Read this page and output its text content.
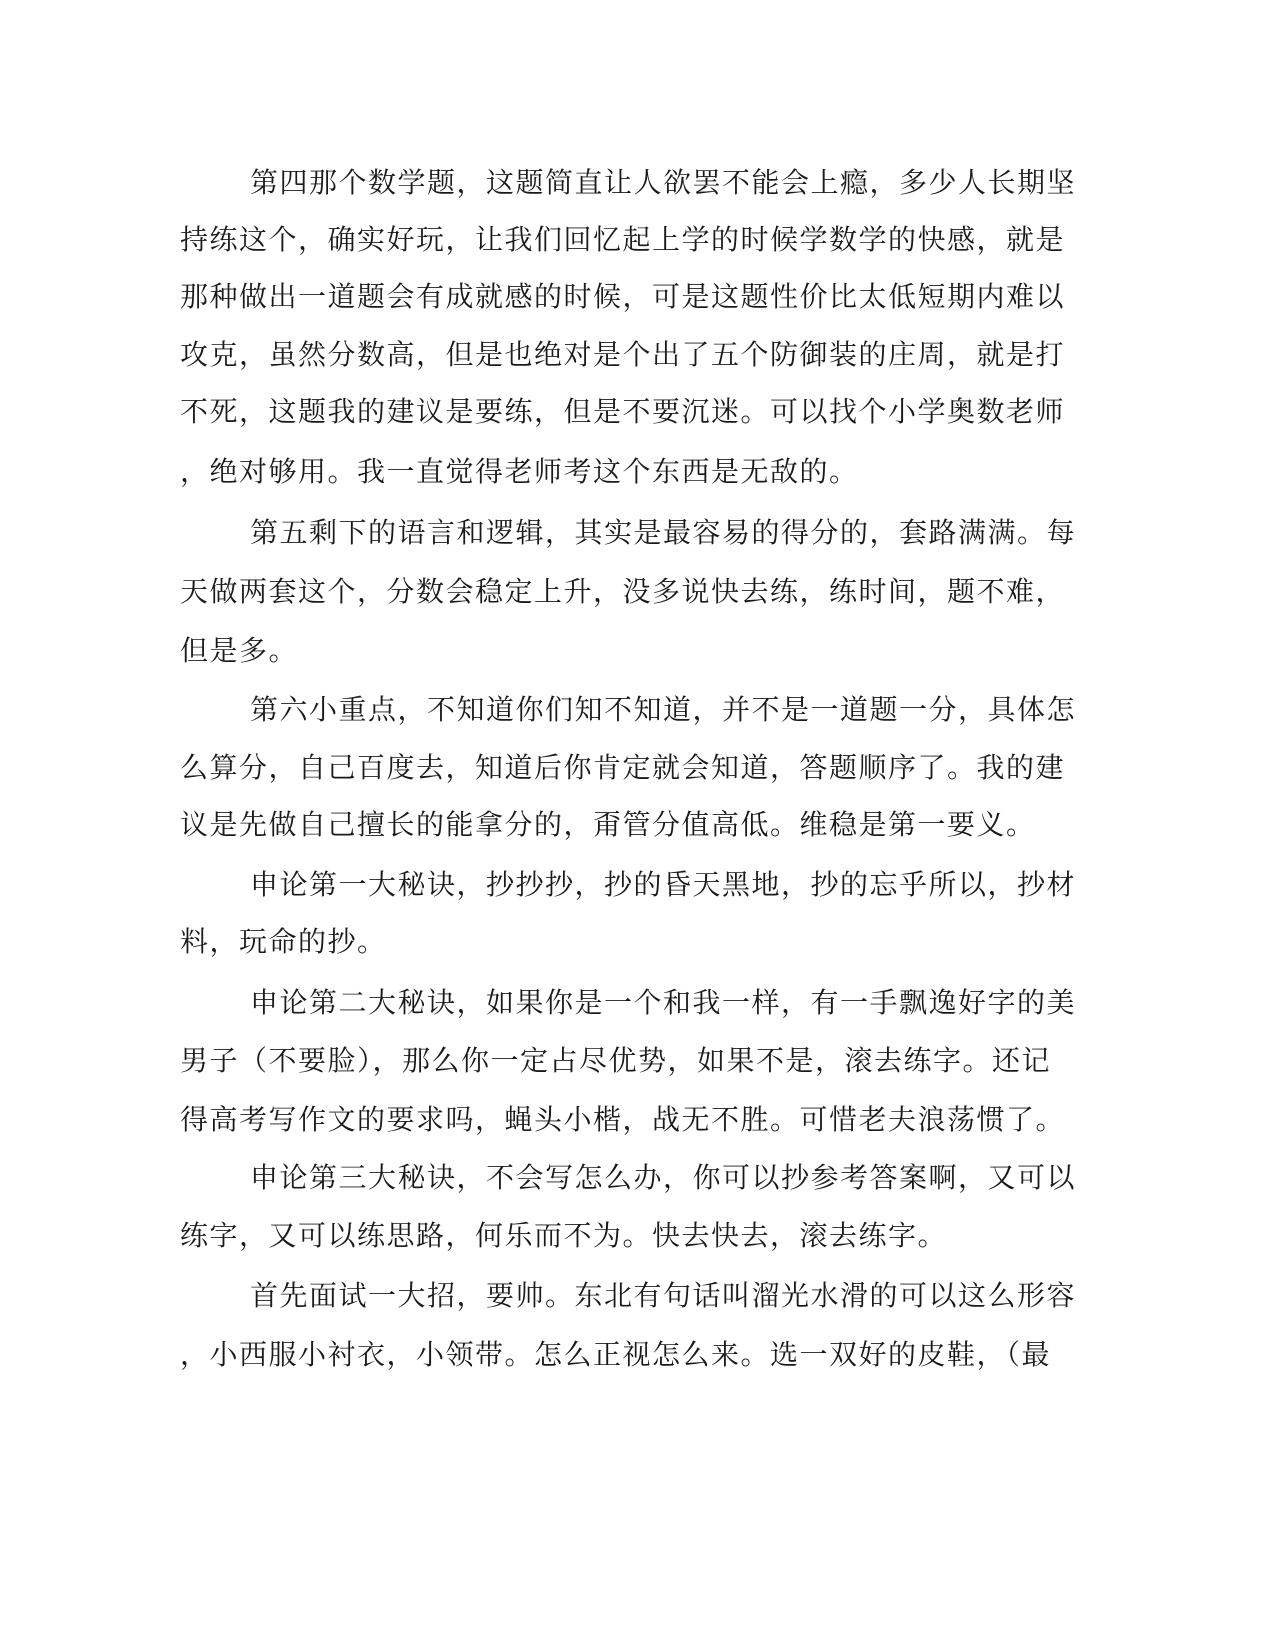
第四那个数学题，这题简直让人欲罢不能会上瘾，多少人长期坚
持练这个，确实好玩，让我们回忆起上学的时候学数学的快感，就是
那种做出一道题会有成就感的时候，可是这题性价比太低短期内难以
攻克，虽然分数高，但是也绝对是个出了五个防御装的庄周，就是打
不死，这题我的建议是要练，但是不要沉迷。可以找个小学奥数老师
，绝对够用。我一直觉得老师考这个东西是无敌的。
第五剩下的语言和逻辑，其实是最容易的得分的，套路满满。每
天做两套这个，分数会稳定上升，没多说快去练，练时间，题不难，
但是多。
第六小重点，不知道你们知不知道，并不是一道题一分，具体怎
么算分，自己百度去，知道后你肯定就会知道，答题顺序了。我的建
议是先做自己擅长的能拿分的，甭管分值高低。维稳是第一要义。
申论第一大秘诀，抄抄抄，抄的昏天黑地，抄的忘乎所以，抄材
料，玩命的抄。
申论第二大秘诀，如果你是一个和我一样，有一手飘逸好字的美
男子（不要脸），那么你一定占尽优势，如果不是，滚去练字。还记
得高考写作文的要求吗，蝇头小楷，战无不胜。可惜老夫浪荡惯了。
申论第三大秘诀，不会写怎么办，你可以抄参考答案啊，又可以
练字，又可以练思路，何乐而不为。快去快去，滚去练字。
首先面试一大招，要帅。东北有句话叫溜光水滑的可以这么形容
，小西服小衬衣，小领带。怎么正视怎么来。选一双好的皮鞋，（最
